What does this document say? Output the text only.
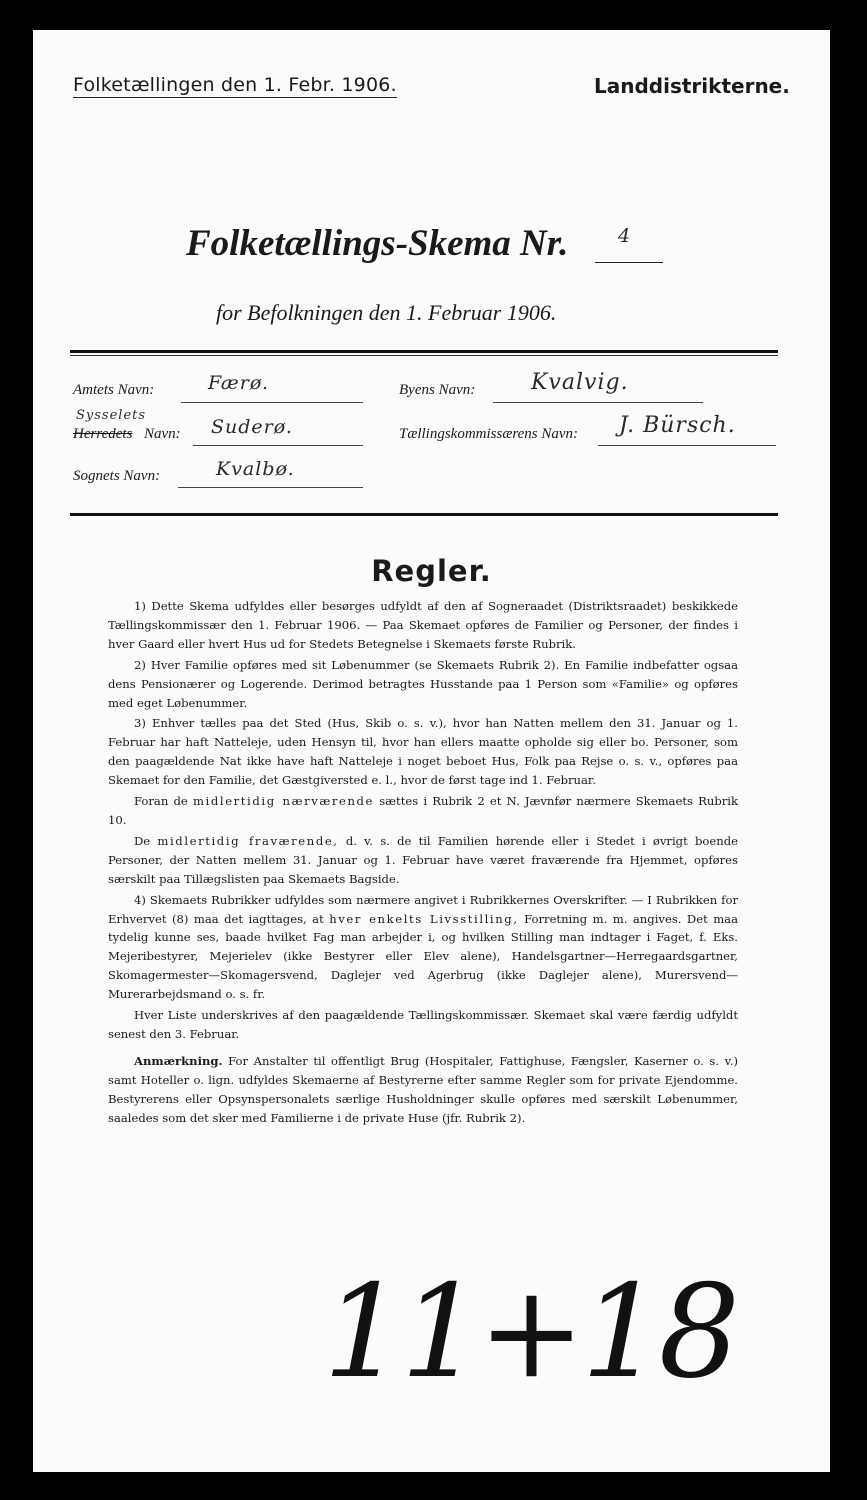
Folketællingen den 1. Febr. 1906.	Landdistrikterne.
Folketællings-Skema Nr.	4
for Befolkningen den 1. Februar 1906.
Amtets Navn:	Færø.	Byens Navn:	Kvalvig.
Sysselets
Herredets Navn: Suderø.	Tællingskommissærens Navn: J. Bürsch.
Sognets Navn:	Kvalbø.
Regler.

1) Dette Skema udfyldes eller besørges udfyldt af den af Sogneraadet (Distriktsraadet) beskikkede Tællingskommissær den 1. Februar 1906. — Paa Skemaet opføres de Familier og Personer, der findes i hver Gaard eller hvert Hus ud for Stedets Betegnelse i Skemaets første Rubrik.

2) Hver Familie opføres med sit Løbenummer (se Skemaets Rubrik 2). En Familie indbefatter ogsaa dens Pensionærer og Logerende. Derimod betragtes Husstande paa 1 Person som «Familie» og opføres med eget Løbenummer.

3) Enhver tælles paa det Sted (Hus, Skib o. s. v.), hvor han Natten mellem den 31. Januar og 1. Februar har haft Natteleje, uden Hensyn til, hvor han ellers maatte opholde sig eller bo. Personer, som den paagældende Nat ikke have haft Natteleje i noget beboet Hus, Folk paa Rejse o. s. v., opføres paa Skemaet for den Familie, det Gæstgiversted e. l., hvor de først tage ind 1. Februar.

Foran de midlertidig nærværende sættes i Rubrik 2 et N. Jævnfør nærmere Skemaets Rubrik 10.

De midlertidig fraværende, d. v. s. de til Familien hørende eller i Stedet i øvrigt boende Personer, der Natten mellem 31. Januar og 1. Februar have været fraværende fra Hjemmet, opføres særskilt paa Tillægslisten paa Skemaets Bagside.

4) Skemaets Rubrikker udfyldes som nærmere angivet i Rubrikkernes Overskrifter. — I Rubrikken for Erhvervet (8) maa det iagttages, at hver enkelts Livsstilling, Forretning m. m. angives. Det maa tydelig kunne ses, baade hvilket Fag man arbejder i, og hvilken Stilling man indtager i Faget, f. Eks. Mejeribestyrer, Mejerielev (ikke Bestyrer eller Elev alene), Handelsgartner—Herregaardsgartner, Skomagermester—Skomagersvend, Daglejer ved Agerbrug (ikke Daglejer alene), Murersvend—Murerarbejdsmand o. s. fr.

Hver Liste underskrives af den paagældende Tællingskommissær. Skemaet skal være færdig udfyldt senest den 3. Februar.

Anmærkning. For Anstalter til offentligt Brug (Hospitaler, Fattighuse, Fængsler, Kaserner o. s. v.) samt Hoteller o. lign. udfyldes Skemaerne af Bestyrerne efter samme Regler som for private Ejendomme. Bestyrerens eller Opsynspersonalets særlige Husholdninger skulle opføres med særskilt Løbenummer, saaledes som det sker med Familierne i de private Huse (jfr. Rubrik 2).

11+18
